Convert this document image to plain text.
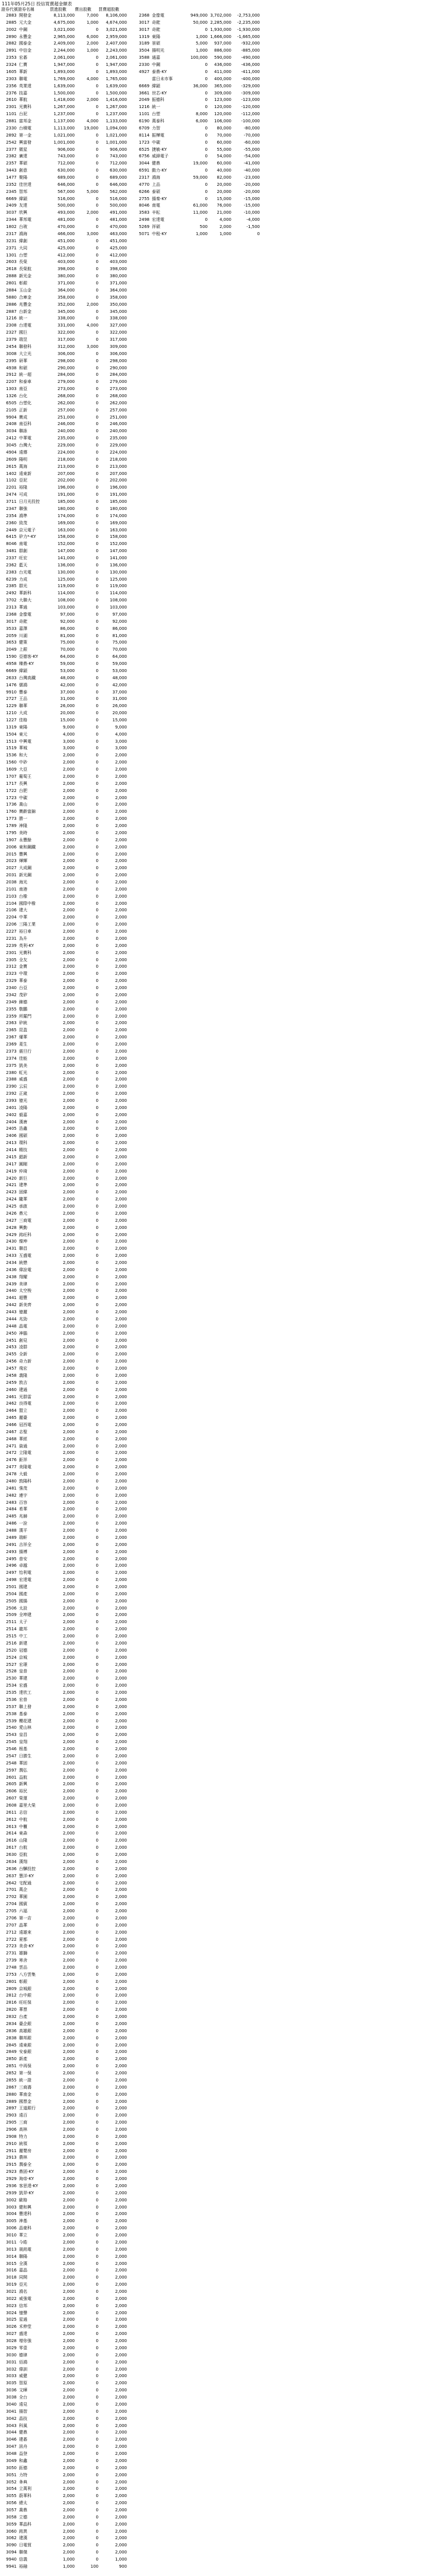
111年05月25日 投信買賣超金額表
證券代號 證券名稱	買進股數 賣出股數 買賣超股數
2883 開發金	8,113,000	7,000	8,106,000
2885 元大金	4,675,000	1,000	4,674,000
2002 中鋼	3,021,000	0	3,021,000
2890 永豐金	2,965,000	6,000	2,959,000
2882 國泰金	2,409,000	2,000	2,407,000
2891 中信金	2,244,000	1,000	2,243,000
2353 宏碁	2,061,000	0	2,061,000
2324 仁寶	1,947,000	0	1,947,000
1605 華新	1,893,000	0	1,893,000
2303 聯電	1,769,000	4,000	1,765,000
2356 英業達	1,639,000	0	1,639,000
2376 技嘉	1,500,000	0	1,500,000
2610 華航	1,418,000	2,000	1,416,000
2301 光寶科	1,267,000	0	1,267,000
1101 台泥	1,237,000	0	1,237,000
2881 富邦金	1,137,000	4,000	1,133,000
2330 台積電	1,113,000	19,000	1,094,000
2892 第一金	1,021,000	0	1,021,000
2542 興富發	1,001,000	0	1,001,000
2377 微星	906,000	0	906,000
2382 廣達	743,000	0	743,000
2357 華碩	712,000	0	712,000
3443 創意	630,000	0	630,000
1477 聚陽	689,000	0	689,000
2352 佳世達	646,000	0	646,000
2345 智邦	567,000	5,000	562,000
6669 緯穎	516,000	0	516,000
2409 友達	500,000	0	500,000
3037 欣興	493,000	2,000	491,000
2344 華邦電	481,000	0	481,000
1802 台玻	470,000	0	470,000
2317 鴻海	466,000	3,000	463,000
3231 緯創	451,000	0	451,000
2371 大同	425,000	0	425,000
1301 台塑	412,000	0	412,000
2603 長榮	403,000	0	403,000
2618 長榮航	398,000	0	398,000
2888 新光金	380,000	0	380,000
2801 彰銀	371,000	0	371,000
2884 玉山金	364,000	0	364,000
5880 合庫金	358,000	0	358,000
2886 兆豐金	352,000	2,000	350,000
2887 台新金	345,000	0	345,000
1216 統一	338,000	0	338,000
2308 台達電	331,000	4,000	327,000
2327 國巨	322,000	0	322,000
2379 瑞昱	317,000	0	317,000
2454 聯發科	312,000	3,000	309,000
3008 大立光	306,000	0	306,000
2395 研華	298,000	0	298,000
4938 和碩	290,000	0	290,000
2912 統一超	284,000	0	284,000
2207 和泰車	279,000	0	279,000
1303 南亞	273,000	0	273,000
1326 台化	268,000	0	268,000
6505 台塑化	262,000	0	262,000
2105 正新	257,000	0	257,000
9904 寶成	251,000	0	251,000
2408 南亞科	246,000	0	246,000
3034 聯詠	240,000	0	240,000
2412 中華電	235,000	0	235,000
3045 台灣大	229,000	0	229,000
4904 遠傳	224,000	0	224,000
2609 陽明	218,000	0	218,000
2615 萬海	213,000	0	213,000
1402 遠東新	207,000	0	207,000
1102 亞泥	202,000	0	202,000
2201 裕隆	196,000	0	196,000
2474 可成	191,000	0	191,000
3711 日月光投控	185,000	0	185,000
2347 聯強	180,000	0	180,000
2354 鴻準	174,000	0	174,000
2360 致茂	169,000	0	169,000
2449 京元電子	163,000	0	163,000
6415 矽力*-KY	158,000	0	158,000
8046 南電	152,000	0	152,000
3481 群創	147,000	0	147,000
2337 旺宏	141,000	0	141,000
2362 藍天	136,000	0	136,000
2383 台光電	130,000	0	130,000
6239 力成	125,000	0	125,000
2385 群光	119,000	0	119,000
2492 華新科	114,000	0	114,000
3702 大聯大	108,000	0	108,000
2313 華通	103,000	0	103,000
2368 金像電	97,000	0	97,000
3017 奇鋐	92,000	0	92,000
3533 嘉澤	86,000	0	86,000
2059 川湖	81,000	0	81,000
3653 健策	75,000	0	75,000
2049 上銀	70,000	0	70,000
1590 亞德客-KY	64,000	0	64,000
4958 臻鼎-KY	59,000	0	59,000
6669 緯穎	53,000	0	53,000
2633 台灣高鐵	48,000	0	48,000
1476 儒鴻	42,000	0	42,000
9910 豐泰	37,000	0	37,000
2727 王品	31,000	0	31,000
1229 聯華	26,000	0	26,000
1210 大成	20,000	0	20,000
1227 佳格	15,000	0	15,000
1319 東陽	9,000	0	9,000
1504 東元	4,000	0	4,000
1513 中興電	3,000	0	3,000
1519 華城	3,000	0	3,000
1536 和大	2,000	0	2,000
1560 中砂	2,000	0	2,000
1609 大亞	2,000	0	2,000
1707 葡萄王	2,000	0	2,000
1717 長興	2,000	0	2,000
1722 台肥	2,000	0	2,000
1723 中碳	2,000	0	2,000
1736 喬山	2,000	0	2,000
1760 寶齡富錦	2,000	0	2,000
1773 勝一	2,000	0	2,000
1789 神隆	2,000	0	2,000
1795 美時	2,000	0	2,000
1907 永豐餘	2,000	0	2,000
2006 東和鋼鐵	2,000	0	2,000
2015 豐興	2,000	0	2,000
2023 燁輝	2,000	0	2,000
2027 大成鋼	2,000	0	2,000
2031 新光鋼	2,000	0	2,000
2038 海光	2,000	0	2,000
2101 南港	2,000	0	2,000
2103 台橡	2,000	0	2,000
2104 國際中橡	2,000	0	2,000
2106 建大	2,000	0	2,000
2204 中華	2,000	0	2,000
2206 三陽工業	2,000	0	2,000
2227 裕日車	2,000	0	2,000
2231 為升	2,000	0	2,000
2239 英利-KY	2,000	0	2,000
2301 光寶科	2,000	0	2,000
2305 全友	2,000	0	2,000
2312 金寶	2,000	0	2,000
2323 中環	2,000	0	2,000
2329 華泰	2,000	0	2,000
2340 台亞	2,000	0	2,000
2342 茂矽	2,000	0	2,000
2349 錸德	2,000	0	2,000
2355 敬鵬	2,000	0	2,000
2359 所羅門	2,000	0	2,000
2363 矽統	2,000	0	2,000
2365 昆盈	2,000	0	2,000
2367 燿華	2,000	0	2,000
2369 菱生	2,000	0	2,000
2373 震旦行	2,000	0	2,000
2374 佳能	2,000	0	2,000
2375 凱美	2,000	0	2,000
2380 虹光	2,000	0	2,000
2388 威盛	2,000	0	2,000
2390 云辰	2,000	0	2,000
2392 正崴	2,000	0	2,000
2393 億光	2,000	0	2,000
2401 凌陽	2,000	0	2,000
2402 毅嘉	2,000	0	2,000
2404 漢唐	2,000	0	2,000
2405 浩鑫	2,000	0	2,000
2406 國碩	2,000	0	2,000
2413 環科	2,000	0	2,000
2414 精技	2,000	0	2,000
2415 錩新	2,000	0	2,000
2417 圓剛	2,000	0	2,000
2419 仲琦	2,000	0	2,000
2420 新巨	2,000	0	2,000
2421 建準	2,000	0	2,000
2423 固緯	2,000	0	2,000
2424 隴華	2,000	0	2,000
2425 承啟	2,000	0	2,000
2426 鼎元	2,000	0	2,000
2427 三商電	2,000	0	2,000
2428 興勤	2,000	0	2,000
2429 銘旺科	2,000	0	2,000
2430 燦坤	2,000	0	2,000
2431 聯昌	2,000	0	2,000
2433 互盛電	2,000	0	2,000
2434 統懋	2,000	0	2,000
2436 偉詮電	2,000	0	2,000
2438 翔耀	2,000	0	2,000
2439 美律	2,000	0	2,000
2440 太空梭	2,000	0	2,000
2441 超豐	2,000	0	2,000
2442 新美齊	2,000	0	2,000
2443 億麗	2,000	0	2,000
2444 兆勁	2,000	0	2,000
2448 晶電	2,000	0	2,000
2450 神腦	2,000	0	2,000
2451 創見	2,000	0	2,000
2453 凌群	2,000	0	2,000
2455 全新	2,000	0	2,000
2456 奇力新	2,000	0	2,000
2457 飛宏	2,000	0	2,000
2458 義隆	2,000	0	2,000
2459 敦吉	2,000	0	2,000
2460 建通	2,000	0	2,000
2461 光群雷	2,000	0	2,000
2462 良得電	2,000	0	2,000
2464 盟立	2,000	0	2,000
2465 麗臺	2,000	0	2,000
2466 冠西電	2,000	0	2,000
2467 志聖	2,000	0	2,000
2468 華經	2,000	0	2,000
2471 資通	2,000	0	2,000
2472 立隆電	2,000	0	2,000
2476 鉅祥	2,000	0	2,000
2477 美隆電	2,000	0	2,000
2478 大毅	2,000	0	2,000
2480 敦陽科	2,000	0	2,000
2481 強茂	2,000	0	2,000
2482 連宇	2,000	0	2,000
2483 百容	2,000	0	2,000
2484 希華	2,000	0	2,000
2485 兆赫	2,000	0	2,000
2486 一詮	2,000	0	2,000
2488 漢平	2,000	0	2,000
2489 瑞軒	2,000	0	2,000
2491 吉祥全	2,000	0	2,000
2493 揚博	2,000	0	2,000
2495 普安	2,000	0	2,000
2496 卓越	2,000	0	2,000
2497 怡利電	2,000	0	2,000
2498 宏達電	2,000	0	2,000
2501 國建	2,000	0	2,000
2504 國產	2,000	0	2,000
2505 國揚	2,000	0	2,000
2506 太設	2,000	0	2,000
2509 全坤建	2,000	0	2,000
2511 太子	2,000	0	2,000
2514 龍邦	2,000	0	2,000
2515 中工	2,000	0	2,000
2516 新建	2,000	0	2,000
2520 冠德	2,000	0	2,000
2524 京城	2,000	0	2,000
2527 宏璟	2,000	0	2,000
2528 皇普	2,000	0	2,000
2530 華建	2,000	0	2,000
2534 宏盛	2,000	0	2,000
2535 達欣工	2,000	0	2,000
2536 宏普	2,000	0	2,000
2537 聯上發	2,000	0	2,000
2538 基泰	2,000	0	2,000
2539 櫻花建	2,000	0	2,000
2540 愛山林	2,000	0	2,000
2543 皇昌	2,000	0	2,000
2545 皇翔	2,000	0	2,000
2546 根基	2,000	0	2,000
2547 日勝生	2,000	0	2,000
2548 華固	2,000	0	2,000
2597 潤弘	2,000	0	2,000
2601 益航	2,000	0	2,000
2605 新興	2,000	0	2,000
2606 裕民	2,000	0	2,000
2607 榮運	2,000	0	2,000
2608 嘉里大榮	2,000	0	2,000
2611 志信	2,000	0	2,000
2612 中航	2,000	0	2,000
2613 中櫃	2,000	0	2,000
2614 東森	2,000	0	2,000
2616 山隆	2,000	0	2,000
2617 台航	2,000	0	2,000
2630 亞航	2,000	0	2,000
2634 漢翔	2,000	0	2,000
2636 台驊投控	2,000	0	2,000
2637 慧洋-KY	2,000	0	2,000
2642 宅配通	2,000	0	2,000
2701 萬企	2,000	0	2,000
2702 華園	2,000	0	2,000
2704 國賓	2,000	0	2,000
2705 六福	2,000	0	2,000
2706 第一店	2,000	0	2,000
2707 晶華	2,000	0	2,000
2712 遠雄來	2,000	0	2,000
2722 夏都	2,000	0	2,000
2723 美食-KY	2,000	0	2,000
2731 雄獅	2,000	0	2,000
2739 寒舍	2,000	0	2,000
2748 雲品	2,000	0	2,000
2753 八方雲集	2,000	0	2,000
2801 彰銀	2,000	0	2,000
2809 京城銀	2,000	0	2,000
2812 台中銀	2,000	0	2,000
2816 旺旺保	2,000	0	2,000
2820 華票	2,000	0	2,000
2832 台產	2,000	0	2,000
2834 臺企銀	2,000	0	2,000
2836 高雄銀	2,000	0	2,000
2838 聯邦銀	2,000	0	2,000
2845 遠東銀	2,000	0	2,000
2849 安泰銀	2,000	0	2,000
2850 新產	2,000	0	2,000
2851 中再保	2,000	0	2,000
2852 第一保	2,000	0	2,000
2855 統一證	2,000	0	2,000
2867 三商壽	2,000	0	2,000
2880 華南金	2,000	0	2,000
2889 國票金	2,000	0	2,000
2897 王道銀行	2,000	0	2,000
2903 遠百	2,000	0	2,000
2905 三商	2,000	0	2,000
2906 高林	2,000	0	2,000
2908 特力	2,000	0	2,000
2910 統領	2,000	0	2,000
2911 麗嬰房	2,000	0	2,000
2913 農林	2,000	0	2,000
2915 潤泰全	2,000	0	2,000
2923 鼎固-KY	2,000	0	2,000
2929 淘帝-KY	2,000	0	2,000
2936 客思達-KY	2,000	0	2,000
2939 凱羿-KY	2,000	0	2,000
3002 歐格	2,000	0	2,000
3003 健和興	2,000	0	2,000
3004 豐達科	2,000	0	2,000
3005 神基	2,000	0	2,000
3006 晶豪科	2,000	0	2,000
3010 華立	2,000	0	2,000
3011 今皓	2,000	0	2,000
3013 晟銘電	2,000	0	2,000
3014 聯陽	2,000	0	2,000
3015 全漢	2,000	0	2,000
3016 嘉晶	2,000	0	2,000
3018 同開	2,000	0	2,000
3019 亞光	2,000	0	2,000
3021 鴻名	2,000	0	2,000
3022 威強電	2,000	0	2,000
3023 信邦	2,000	0	2,000
3024 憶聲	2,000	0	2,000
3025 星通	2,000	0	2,000
3026 禾伸堂	2,000	0	2,000
3027 盛達	2,000	0	2,000
3028 增你強	2,000	0	2,000
3029 零壹	2,000	0	2,000
3030 德律	2,000	0	2,000
3031 佰鴻	2,000	0	2,000
3032 偉訓	2,000	0	2,000
3033 威健	2,000	0	2,000
3035 智原	2,000	0	2,000
3036 文曄	2,000	0	2,000
3038 全台	2,000	0	2,000
3040 遠見	2,000	0	2,000
3041 揚智	2,000	0	2,000
3042 晶技	2,000	0	2,000
3043 科風	2,000	0	2,000
3044 健鼎	2,000	0	2,000
3046 建碁	2,000	0	2,000
3047 訊舟	2,000	0	2,000
3048 益登	2,000	0	2,000
3049 和鑫	2,000	0	2,000
3050 鈺德	2,000	0	2,000
3051 力特	2,000	0	2,000
3052 夆典	2,000	0	2,000
3054 立萬利	2,000	0	2,000
3055 蔚華科	2,000	0	2,000
3056 總太	2,000	0	2,000
3057 喬鼎	2,000	0	2,000
3058 立德	2,000	0	2,000
3059 華晶科	2,000	0	2,000
3060 銘異	2,000	0	2,000
3062 建漢	2,000	0	2,000
3090 日電貿	2,000	0	2,000
3094 聯傑	2,000	0	2,000
9940 信義	1,000	0	1,000
9941 裕融	1,000	100	900
2368 金像電	949,000 3,702,000	-2,753,000
3017 奇鋐	50,000 2,285,000	-2,235,000
3017 奇鋐	0 1,930,000	-1,930,000
1319 東陽	1,000 1,666,000	-1,665,000
3189 景碩	5,000	937,000	-932,000
3504 揚明光	1,000	886,000	-885,000
3588 通嘉	100,000	590,000	-490,000
2330 中鋼	0	436,000	-436,000
4927 泰鼎-KY	0	411,000	-411,000
當日未市事	0	400,000	-400,000
6669 緯穎	36,000	365,000	-329,000
3661 世芯-KY	0	309,000	-309,000
2049 振德科	0	123,000	-123,000
1216 統一	0	120,000	-120,000
1101 台塑	8,000	120,000	-112,000
6190 萬泰科	6,000	106,000	-100,000
6709 力智	0	80,000	-80,000
8114 振樺電	0	70,000	-70,000
1723 中碳	0	60,000	-60,000
6525 捷敏-KY	0	55,000	-55,000
6756 威鋒電子	0	54,000	-54,000
3044 健鼎	19,000	60,000	-41,000
6591 動力-KY	0	40,000	-40,000
2317 鴻海	59,000	82,000	-23,000
4770 上品	0	20,000	-20,000
6266 泰碩	0	20,000	-20,000
2755 揚秦-KY	0	15,000	-15,000
8046 南電	61,000	76,000	-15,000
3583 辛耘	11,000	21,000	-10,000
2498 宏達電	0	4,000	-4,000
5269 祥碩	500	2,000	-1,500
5071 中租-KY	1,000	1,000	0
